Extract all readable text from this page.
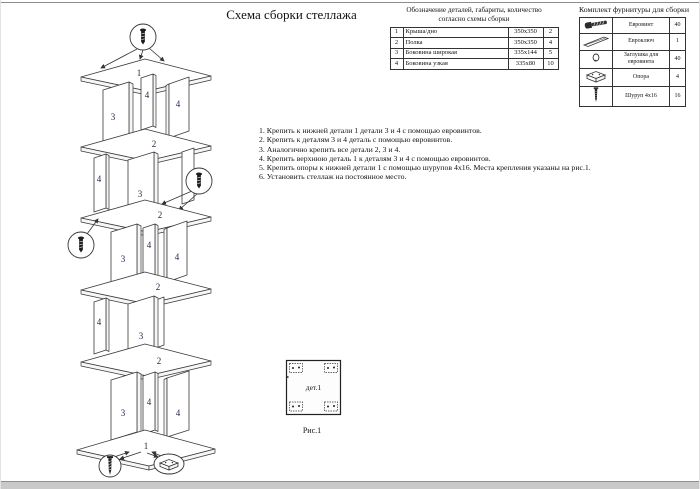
1
4
3
4
2
4
3
2
4
3	4
2
4
3
2
4
3	4
1
Схема сборки стеллажа	Обозначение деталей, габариты, количество
согласно схемы сборки
1	Крыша/дно	350х350	2
2	Полка	350х350	4
3	Боковина широкая	335х144	5
4	Боковина узкая	335х80	10
Комплект фурнитуры для сборки
	Евровинт	40
	Евроключ	1
	Заглушка для евровинта	40
	Опора	4
	Шуруп 4х16	16
1. Крепить к нижней детали 1 детали 3 и 4 с помощью евровинтов.
2. Крепить к деталям 3 и 4 деталь с помощью евровинтов.
3. Аналогично крепить все детали 2, 3 и 4.
4. Крепить верхнюю деталь 1 к деталям 3 и 4 с помощью евровинтов.
5. Крепить опоры к нижней детали 1 с помощью шурупов 4х16. Места крепления указаны на рис.1.
6. Установить стеллаж на постоянное место.
дет.1
Рис.1
